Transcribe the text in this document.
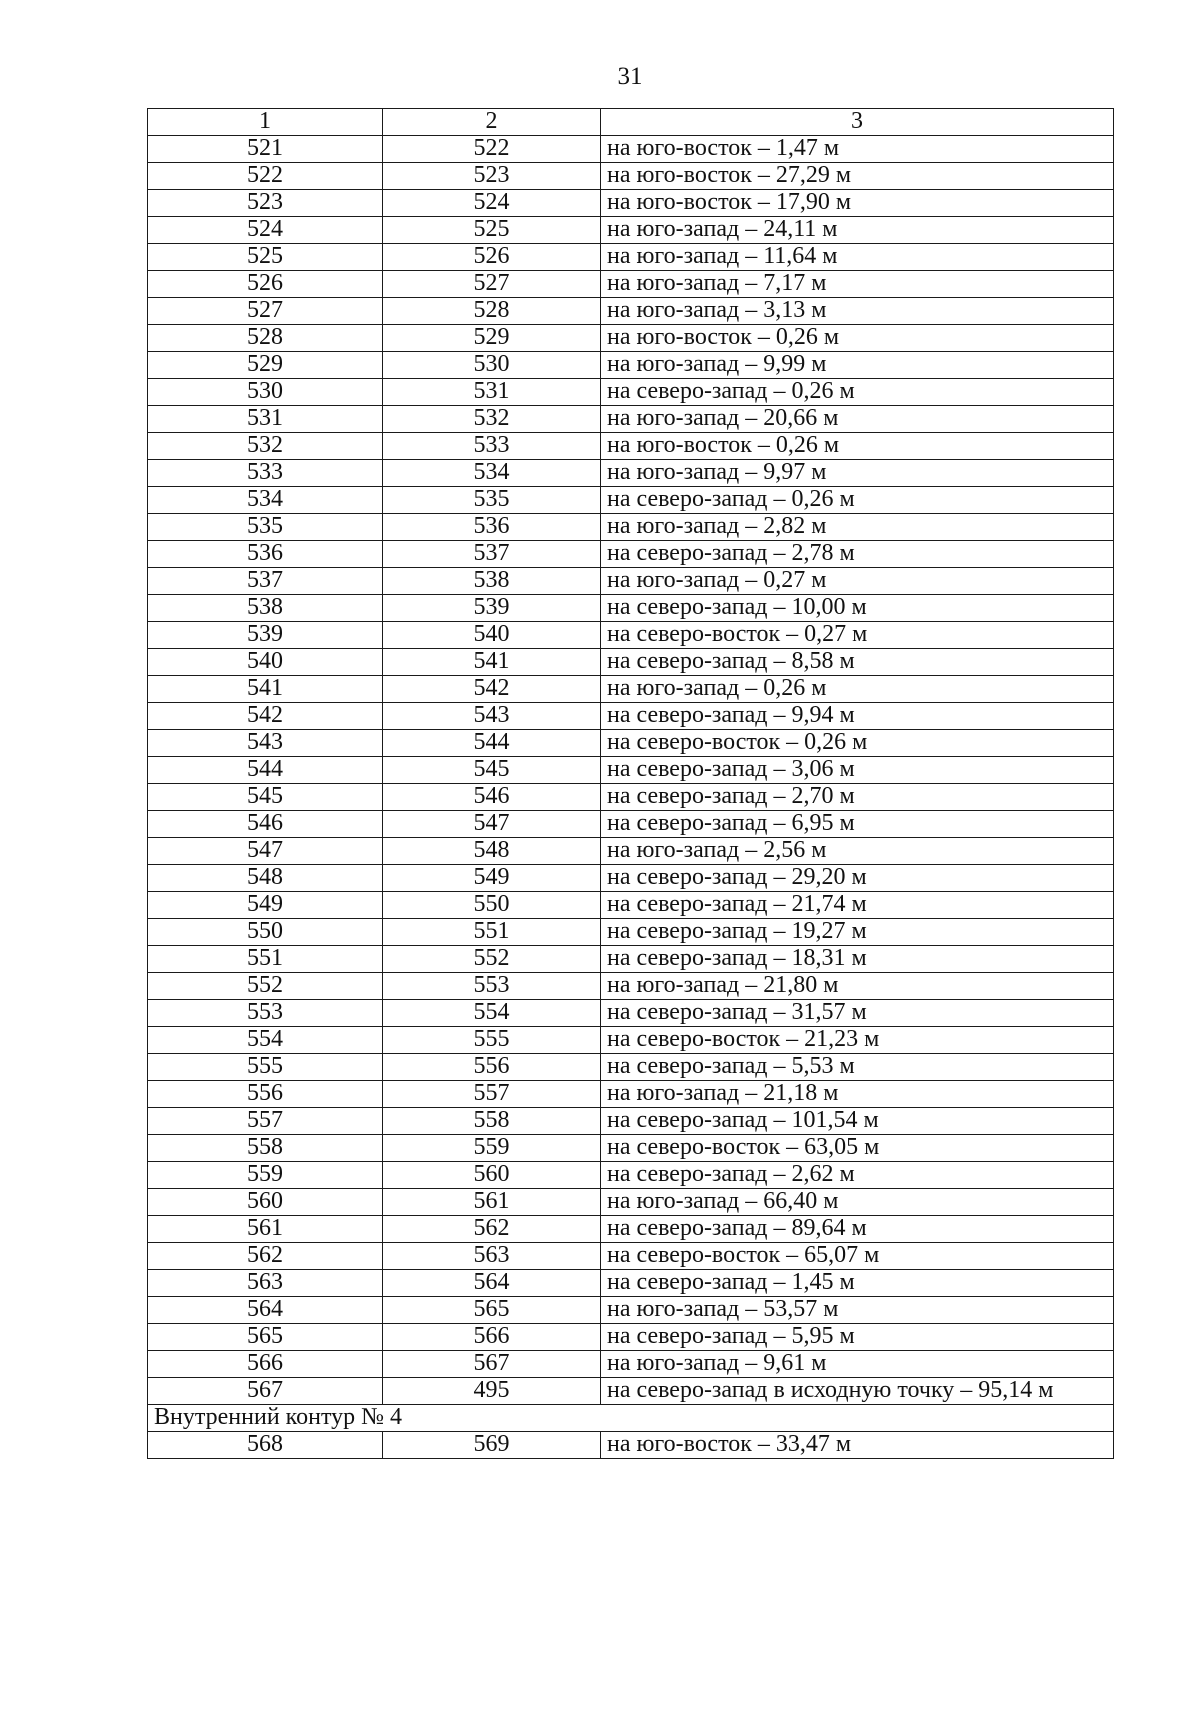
31
1	2	3
521	522	на юго-восток – 1,47 м
522	523	на юго-восток – 27,29 м
523	524	на юго-восток – 17,90 м
524	525	на юго-запад – 24,11 м
525	526	на юго-запад – 11,64 м
526	527	на юго-запад – 7,17 м
527	528	на юго-запад – 3,13 м
528	529	на юго-восток – 0,26 м
529	530	на юго-запад – 9,99 м
530	531	на северо-запад – 0,26 м
531	532	на юго-запад – 20,66 м
532	533	на юго-восток – 0,26 м
533	534	на юго-запад – 9,97 м
534	535	на северо-запад – 0,26 м
535	536	на юго-запад – 2,82 м
536	537	на северо-запад – 2,78 м
537	538	на юго-запад – 0,27 м
538	539	на северо-запад – 10,00 м
539	540	на северо-восток – 0,27 м
540	541	на северо-запад – 8,58 м
541	542	на юго-запад – 0,26 м
542	543	на северо-запад – 9,94 м
543	544	на северо-восток – 0,26 м
544	545	на северо-запад – 3,06 м
545	546	на северо-запад – 2,70 м
546	547	на северо-запад – 6,95 м
547	548	на юго-запад – 2,56 м
548	549	на северо-запад – 29,20 м
549	550	на северо-запад – 21,74 м
550	551	на северо-запад – 19,27 м
551	552	на северо-запад – 18,31 м
552	553	на юго-запад – 21,80 м
553	554	на северо-запад – 31,57 м
554	555	на северо-восток – 21,23 м
555	556	на северо-запад – 5,53 м
556	557	на юго-запад – 21,18 м
557	558	на северо-запад – 101,54 м
558	559	на северо-восток – 63,05 м
559	560	на северо-запад – 2,62 м
560	561	на юго-запад – 66,40 м
561	562	на северо-запад – 89,64 м
562	563	на северо-восток – 65,07 м
563	564	на северо-запад – 1,45 м
564	565	на юго-запад – 53,57 м
565	566	на северо-запад – 5,95 м
566	567	на юго-запад – 9,61 м
567	495	на северо-запад в исходную точку – 95,14 м
Внутренний контур № 4		
568	569	на юго-восток – 33,47 м
